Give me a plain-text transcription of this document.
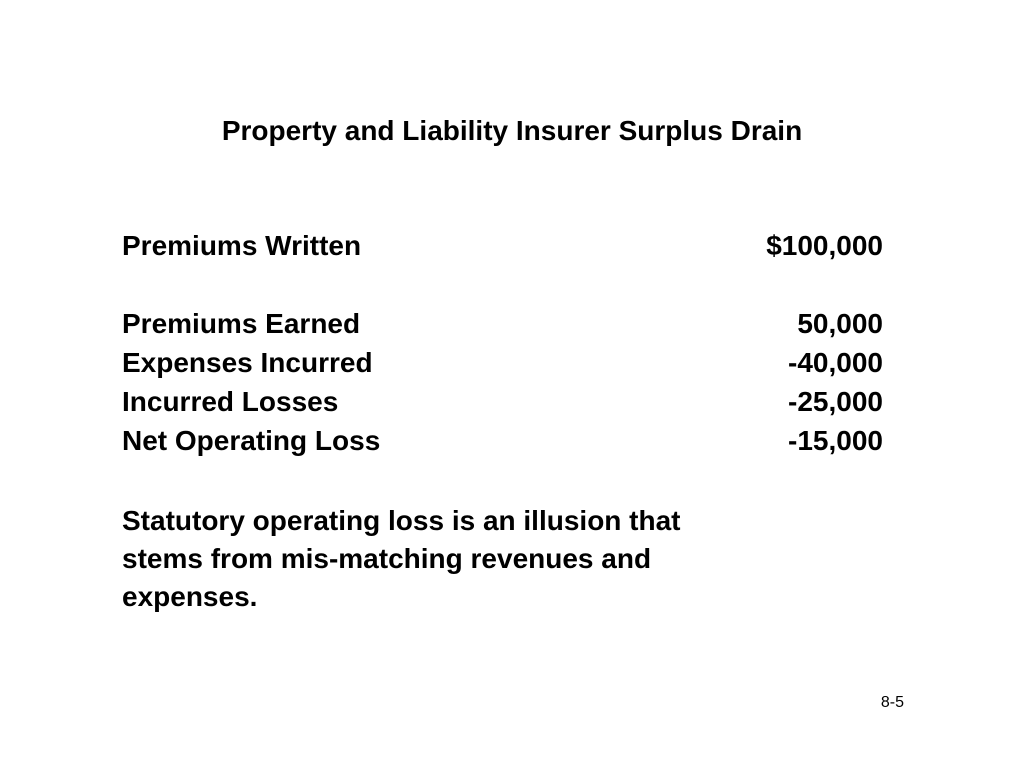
Property and Liability Insurer Surplus Drain
Premiums Written	$100,000
Premiums Earned	50,000
Expenses Incurred	-40,000
Incurred Losses	-25,000
Net Operating Loss	-15,000

Statutory operating loss is an illusion that
stems from mis-matching revenues and
expenses.

8-5
